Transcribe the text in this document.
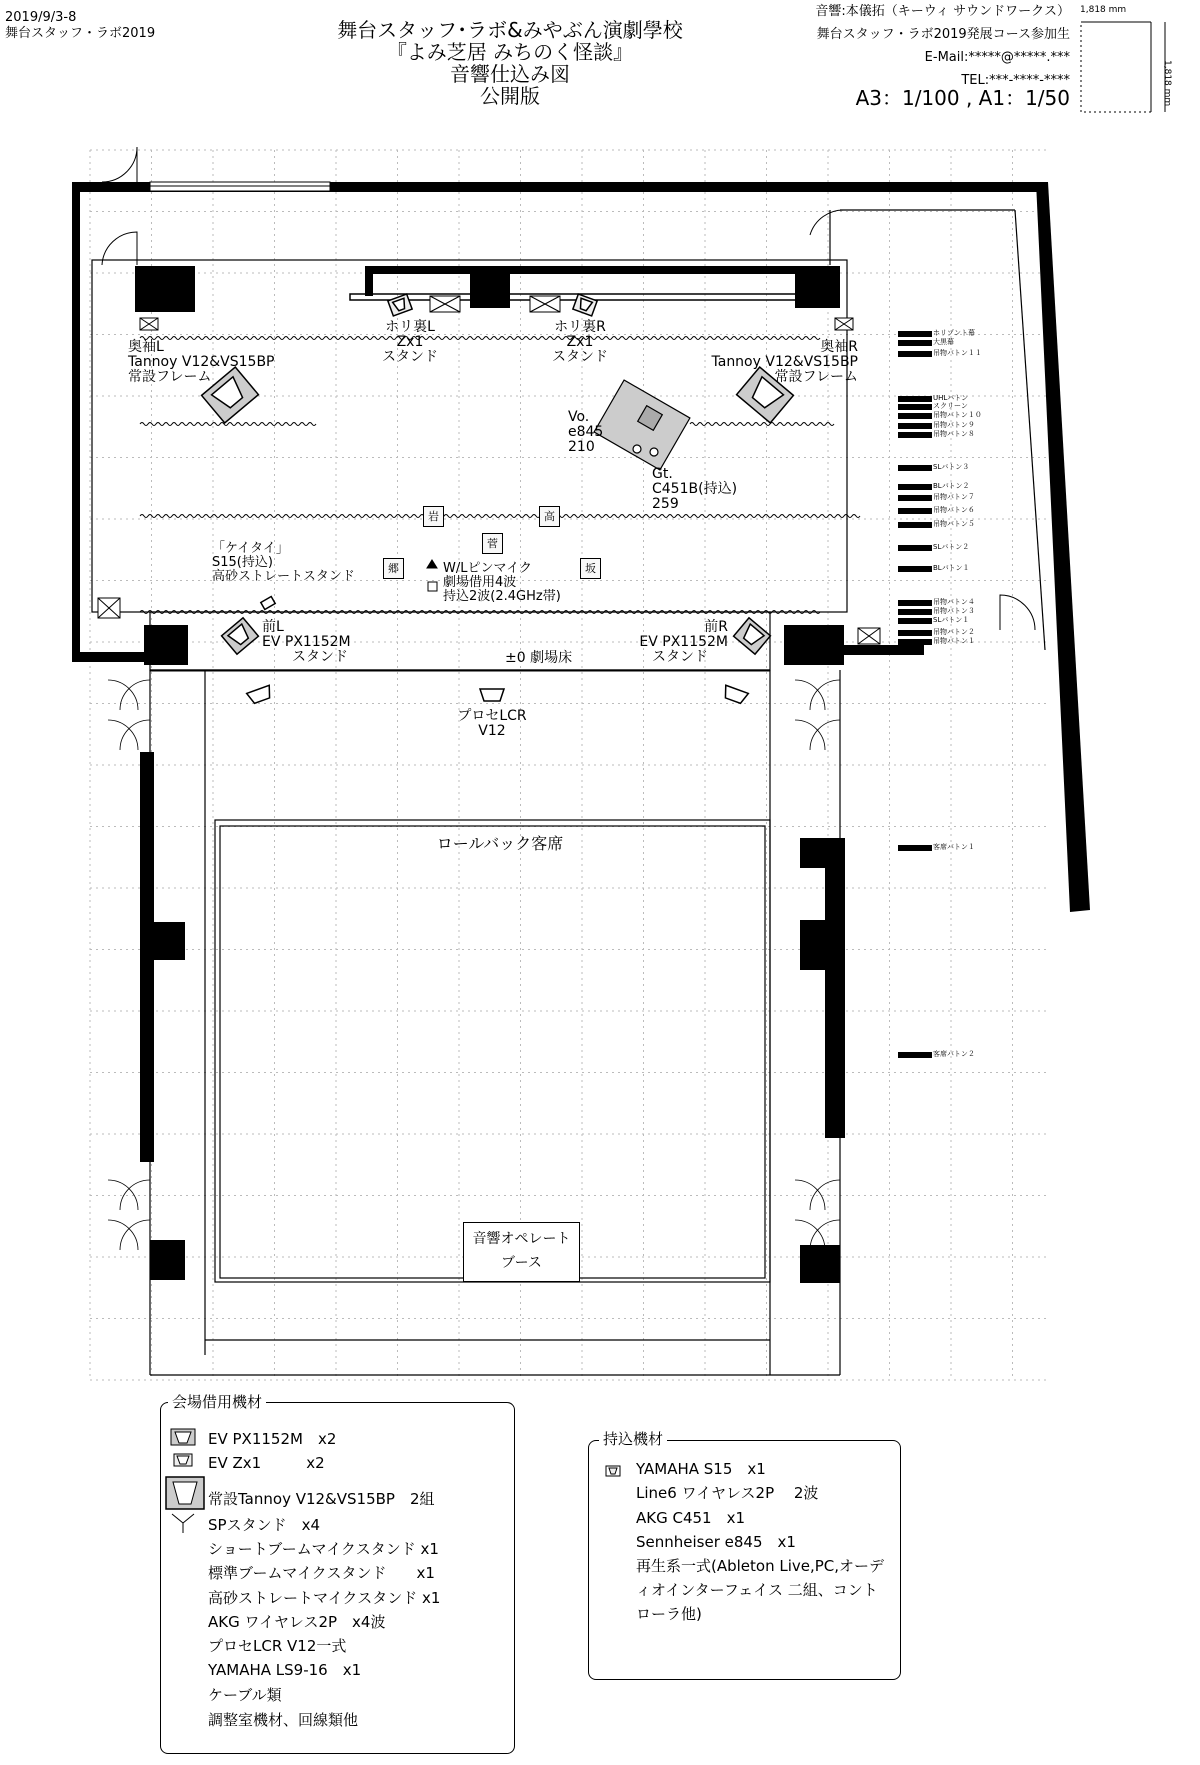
2019/9/3-8
舞台スタッフ・ラボ2019	舞台スタッフ･ラボ&みやぶん演劇學校
『よみ芝居 みちのく怪談』
音響仕込み図
公開版
音響:本儀拓（キーウィ サウンドワークス）
舞台スタッフ・ラボ2019発展コース参加生
E-Mail:*****@*****.***
TEL:***-****-****
A3：1/100 , A1：1/50
1,818 mm
1,818 mm
ホリ裏L
Zx1
スタンド
ホリ裏R
Zx1
スタンド
奥袖L
Tannoy V12&VS15BP
常設フレーム
奥袖R
Tannoy V12&VS15BP
常設フレーム
Vo.
e845
210
Gt.
C451B(持込)
259
「ケイタイ」
S15(持込)
高砂ストレートスタンド
W/Lピンマイク
劇場借用4波
持込2波(2.4GHz帯)
前L
EV PX1152M
スタンド
前R
EV PX1152M
スタンド
±0 劇場床
プロセLCR
V12
ロールバック客席
岩	高
菅
郷	坂
音響オペレート
ブース
ホリゾント幕
大黒幕
吊物バトン１１
UHLバトン
スクリーン
吊物バトン１０
吊物バトン９
吊物バトン８
SLバトン３
BLバトン２
吊物バトン７
吊物バトン６
吊物バトン５
SLバトン２
BLバトン１
吊物バトン４
吊物バトン３
SLバトン１
吊物バトン２
吊物バトン１
客席バトン１
客席バトン２
会場借用機材
EV PX1152M　x2
EV Zx1　　　x2
常設Tannoy V12&VS15BP　2組
SPスタンド　x4
ショートブームマイクスタンド x1
標準ブームマイクスタンド　　x1
高砂ストレートマイクスタンド x1
AKG ワイヤレス2P　x4波
プロセLCR V12一式
YAMAHA LS9-16　x1
ケーブル類
調整室機材、回線類他
持込機材
YAMAHA S15　x1
Line6 ワイヤレス2P　 2波
AKG C451　x1
Sennheiser e845　x1
再生系一式(Ableton Live,PC,オーデ
ィオインターフェイス 二組、コント
ローラ他)
